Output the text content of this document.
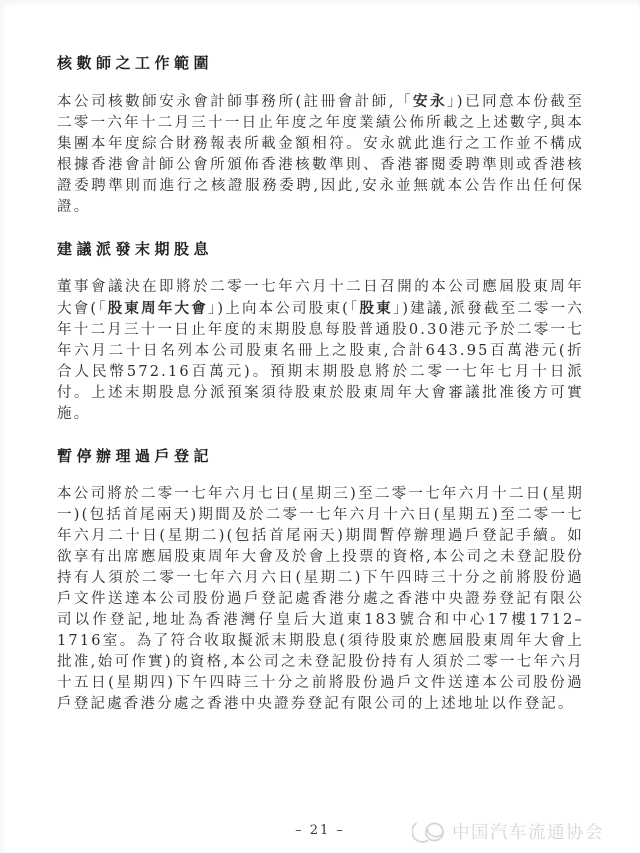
核數師之工作範圍

本公司核數師安永會計師事務所(註冊會計師,「安永」)已同意本份截至二零一六年十二月三十一日止年度之年度業績公佈所載之上述數字,與本集團本年度綜合財務報表所載金額相符。安永就此進行之工作並不構成根據香港會計師公會所頒佈香港核數準則、香港審閱委聘準則或香港核證委聘準則而進行之核證服務委聘,因此,安永並無就本公告作出任何保證。

建議派發末期股息

董事會議決在即將於二零一七年六月十二日召開的本公司應屆股東周年大會(「股東周年大會」)上向本公司股東(「股東」)建議,派發截至二零一六年十二月三十一日止年度的末期股息每股普通股0.30港元予於二零一七年六月二十日名列本公司股東名冊上之股東,合計643.95百萬港元(折合人民幣572.16百萬元)。預期末期股息將於二零一七年七月十日派付。上述末期股息分派預案須待股東於股東周年大會審議批准後方可實施。

暫停辦理過戶登記

本公司將於二零一七年六月七日(星期三)至二零一七年六月十二日(星期一)(包括首尾兩天)期間及於二零一七年六月十六日(星期五)至二零一七年六月二十日(星期二)(包括首尾兩天)期間暫停辦理過戶登記手續。如欲享有出席應屆股東周年大會及於會上投票的資格,本公司之未登記股份持有人須於二零一七年六月六日(星期二)下午四時三十分之前將股份過戶文件送達本公司股份過戶登記處香港分處之香港中央證券登記有限公司以作登記,地址為香港灣仔皇后大道東183號合和中心17樓1712–1716室。為了符合收取擬派末期股息(須待股東於應屆股東周年大會上批准,始可作實)的資格,本公司之未登記股份持有人須於二零一七年六月十五日(星期四)下午四時三十分之前將股份過戶文件送達本公司股份過戶登記處香港分處之香港中央證券登記有限公司的上述地址以作登記。

– 21 –	中国汽车流通协会
